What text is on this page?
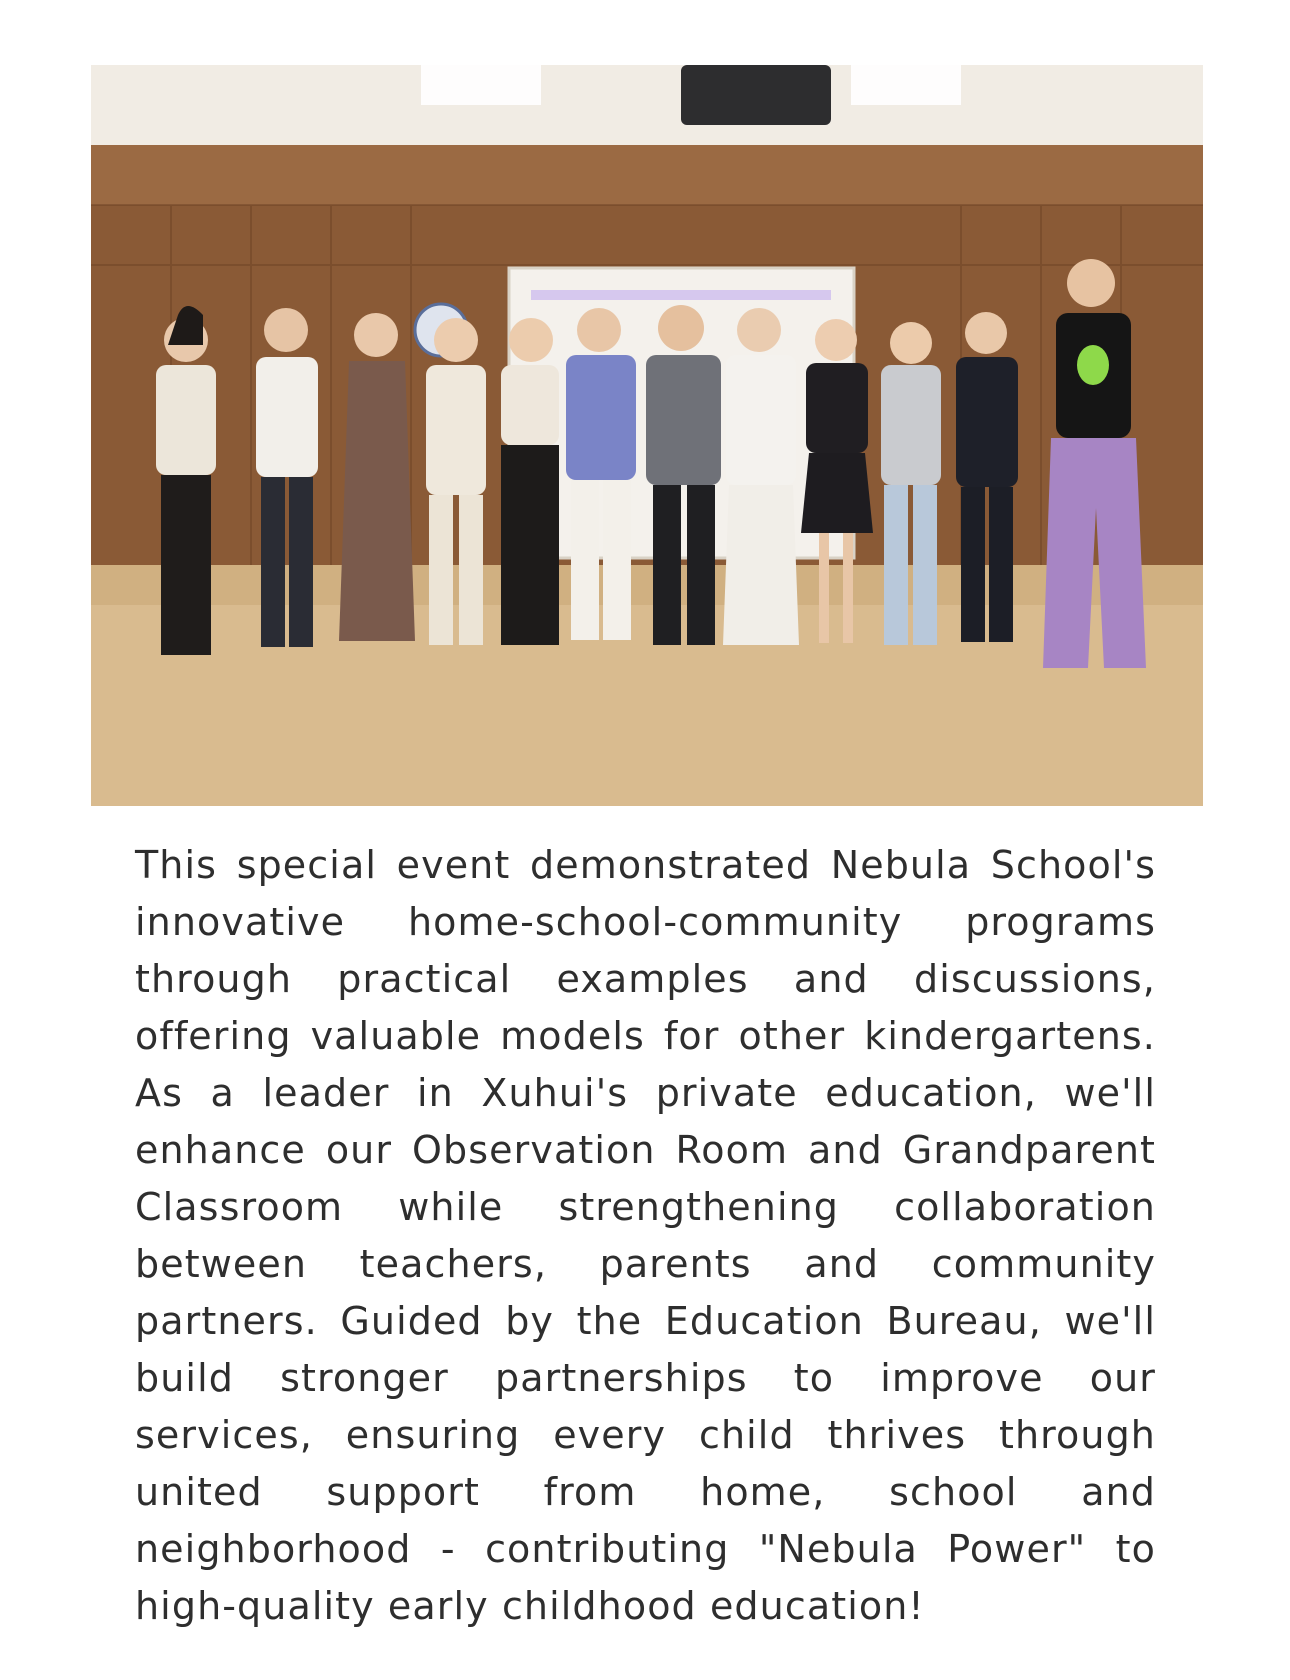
This special event demonstrated Nebula School's innovative home-school-community programs through practical examples and discussions, offering valuable models for other kindergartens. As a leader in Xuhui's private education, we'll enhance our Observation Room and Grandparent Classroom while strengthening collaboration between teachers, parents and community partners. Guided by the Education Bureau, we'll build stronger partnerships to improve our services, ensuring every child thrives through united support from home, school and neighborhood - contributing "Nebula Power" to high-quality early childhood education!
